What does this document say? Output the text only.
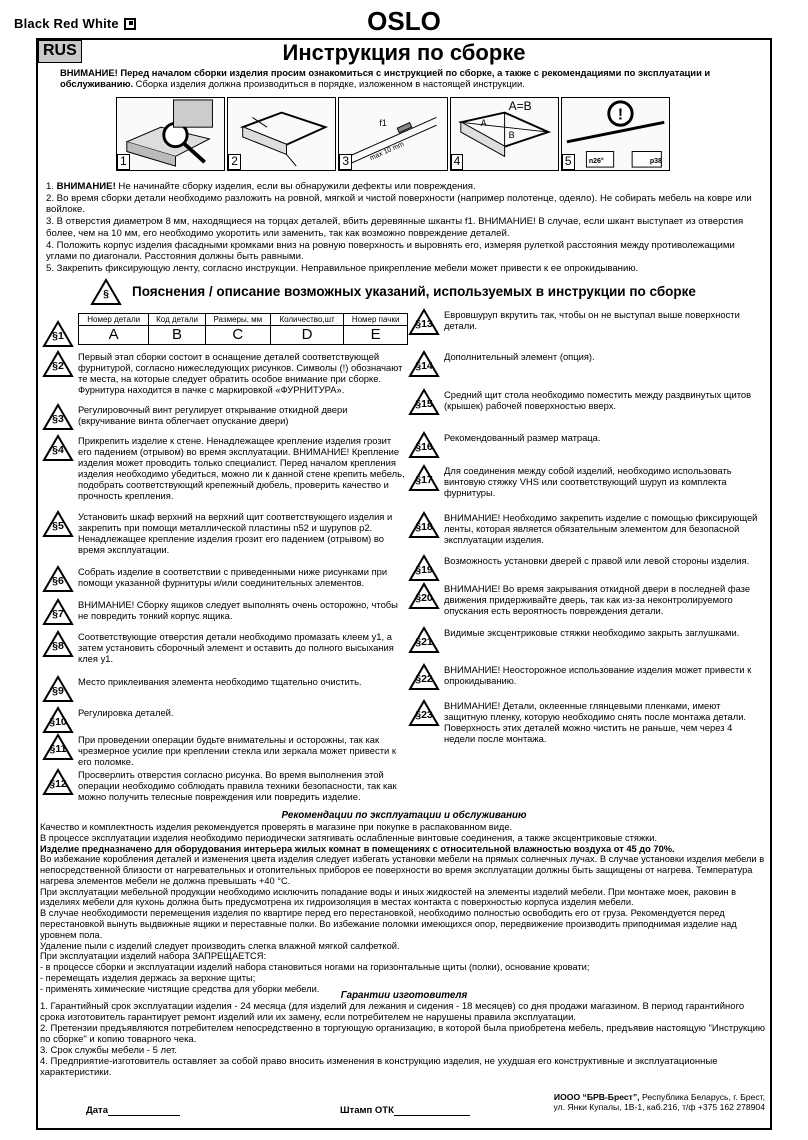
Black Red White	OSLO
RUS	Инструкция по сборке
ВНИМАНИЕ! Перед началом сборки изделия просим ознакомиться с инструкцией по сборке, а также с рекомендациями по эксплуатации и обслуживанию. Сборка изделия должна производиться в порядке, изложенном в настоящей инструкции.
1	2
f1
max 10 mm
3
A=B
A
B
4
!
n26°	p38
5

1. ВНИМАНИЕ! Не начинайте сборку изделия, если вы обнаружили дефекты или повреждения.

2. Во время сборки детали необходимо разложить на ровной, мягкой и чистой поверхности (например полотенце, одеяло). Не собирать мебель на ковре или войлоке.

3. В отверстия диаметром 8 мм, находящиеся на торцах деталей, вбить деревянные шканты f1. ВНИМАНИЕ! В случае, если шкант выступает из отверстия более, чем на 10 мм, его необходимо укоротить или заменить, так как возможно повреждение деталей.

4. Положить корпус изделия фасадными кромками вниз на ровную поверхность и выровнять его, измеряя рулеткой расстояния между противолежащими углами по диагонали. Расстояния должны быть равными.

5. Закрепить фиксирующую ленту, согласно инструкции. Неправильное прикрепление мебели может привести к ее опрокидыванию.

§	Пояснения / описание возможных указаний, используемых в инструкции по сборке
Номер детали	Код детали	Размеры, мм	Количество,шт	Номер пачки
A	B	C	D	E
§1
§2
Первый этап сборки состоит в оснащение деталей соответствующей фурнитурой, согласно нижеследующих рисунков. Символы (!) обозначают те места, на которые следует обратить особое внимание при сборке. Фурнитура находится в пачке с маркировкой «ФУРНИТУРА».
§3
Регулировочный винт регулирует открывание откидной двери (вкручивание винта облегчает опускание двери)
§4
Прикрепить изделие к стене. Ненадлежащее крепление изделия грозит его падением (отрывом) во время эксплуатации. ВНИМАНИЕ! Крепление изделия может проводить только специалист. Перед началом крепления изделия необходимо убедиться, можно ли к данной стене крепить мебель, подобрать соответствующий крепежный дюбель, проверить качество и прочность крепления.
§5
Установить шкаф верхний на верхний щит соответствующего изделия и закрепить при помощи металлической пластины n52 и шурупов p2. Ненадлежащее крепление изделия грозит его падением (отрывом) во время эксплуатации.
§6
Собрать изделие в соответствии с приведенными ниже рисунками при помощи указанной фурнитуры и/или соединительных элементов.
§7
ВНИМАНИЕ! Сборку ящиков следует выполнять очень осторожно, чтобы не повредить тонкий корпус ящика.
§8
Соответствующие отверстия детали необходимо промазать клеем y1, а затем установить сборочный элемент и оставить до полного высыхания клея y1.
§9
Место приклеивания элемента необходимо тщательно очистить.
§10
Регулировка деталей.
§11
При проведении операции будьте внимательны и осторожны, так как чрезмерное усилие при креплении стекла или зеркала может привести к его поломке.
§12
Просверлить отверстия согласно рисунка. Во время выполнения этой операции необходимо соблюдать правила техники безопасности, так как можно получить телесные повреждения или повредить изделие.
§13
Евровшуруп вкрутить так, чтобы он не выступал выше поверхности детали.
§14
Дополнительный элемент (опция).
§15
Средний щит стола необходимо поместить между раздвинутых щитов (крышек) рабочей поверхностью вверх.
§16
Рекомендованный размер матраца.
§17
Для соединения между собой изделий, необходимо использовать винтовую стяжку VHS или соответствующий шуруп из комплекта фурнитуры.
§18
ВНИМАНИЕ! Необходимо закрепить изделие с помощью фиксирующей ленты, которая является обязательным элементом для безопасной эксплуатации изделия.
§19
Возможность установки дверей с правой или левой стороны изделия.
§20
ВНИМАНИЕ! Во время закрывания откидной двери в последней фазе движения придерживайте дверь, так как из-за неконтролируемого опускания есть вероятность повреждения детали.
§21
Видимые эксцентриковые стяжки необходимо закрыть заглушками.
§22
ВНИМАНИЕ! Неосторожное использование изделия может привести к опрокидыванию.
§23
ВНИМАНИЕ! Детали, оклеенные глянцевыми пленками, имеют защитную пленку, которую необходимо снять после монтажа детали. Поверхность этих деталей можно чистить не раньше, чем через 4 недели после монтажа.
Рекомендации по эксплуатации и обслуживанию

Качество и комплектность изделия рекомендуется проверять в магазине при покупке в распакованном виде.

В процессе эксплуатации изделия необходимо периодически затягивать ослабленные винтовые соединения, а также эксцентриковые стяжки.

Изделие предназначено для оборудования интерьера жилых комнат в помещениях с относительной влажностью воздуха от 45 до 70%.

Во избежание коробления деталей и изменения цвета изделия следует избегать установки мебели на прямых солнечных лучах. В случае установки изделия мебели в непосредственной близости от нагревательных и отопительных приборов ее поверхности во время эксплуатации должны быть защищены от нагрева. Температура нагрева элементов мебели не должна превышать +40 °С.

При эксплуатации мебельной продукции необходимо исключить попадание воды и иных жидкостей на элементы изделий мебели. При монтаже моек, раковин в изделиях мебели для кухонь должна быть предусмотрена их гидроизоляция в местах контакта с поверхностью корпуса изделия мебели.

В случае необходимости перемещения изделия по квартире перед его перестановкой, необходимо полностью освободить его от груза. Рекомендуется перед перестановкой вынуть выдвижные ящики и переставные полки. Во избежание поломки имеющихся опор, передвижение производить приподнимая изделие над уровнем пола.

Удаление пыли с изделий следует производить слегка влажной мягкой салфеткой.

При эксплуатации изделий набора ЗАПРЕЩАЕТСЯ:

- в процессе сборки и эксплуатации изделий набора становиться ногами на горизонтальные щиты (полки), основание кровати;

- перемещать изделия держась за верхние щиты;

- применять химические чистящие средства для уборки мебели.

Гарантии изготовителя

1. Гарантийный срок эксплуатации изделия - 24 месяца (для изделий для лежания и сидения - 18 месяцев) со дня продажи магазином. В период гарантийного срока изготовитель гарантирует ремонт изделий или их замену, если потребителем не нарушены правила эксплуатации.

2. Претензии предъявляются потребителем непосредственно в торгующую организацию, в которой была приобретена мебель, предъявив настоящую "Инструкцию по сборке" и копию товарного чека.

3. Срок службы мебели - 5 лет.

4. Предприятие-изготовитель оставляет за собой право вносить изменения в конструкцию изделия, не ухудшая его конструктивные и эксплуатационные характеристики.

Дата	Штамп ОТК
ИООО “БРВ-Брест”, Республика Беларусь, г. Брест,
ул. Янки Купалы, 1В-1, каб.216, т/ф +375 162 278904
